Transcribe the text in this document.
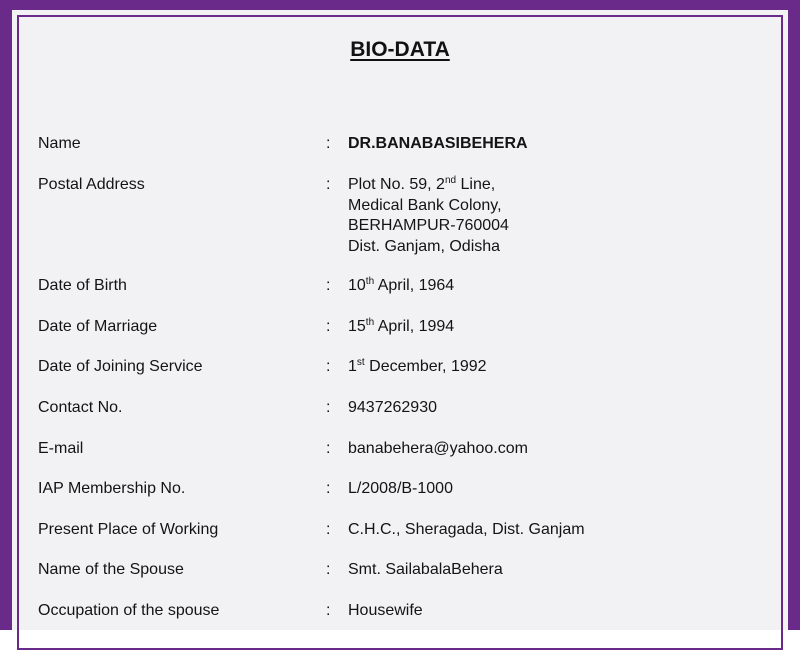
BIO-DATA
Name	: DR.BANABASIBEHERA
Postal Address	: Plot No. 59, 2nd Line,
Medical Bank Colony,
BERHAMPUR-760004
Dist. Ganjam, Odisha
Date of Birth	: 10th April, 1964
Date of Marriage	: 15th April, 1994
Date of Joining Service	: 1st December, 1992
Contact No.	: 9437262930
E-mail	: banabehera@yahoo.com
IAP Membership No.	: L/2008/B-1000
Present Place of Working	: C.H.C., Sheragada, Dist. Ganjam
Name of the Spouse	: Smt. SailabalaBehera
Occupation of the spouse	: Housewife
